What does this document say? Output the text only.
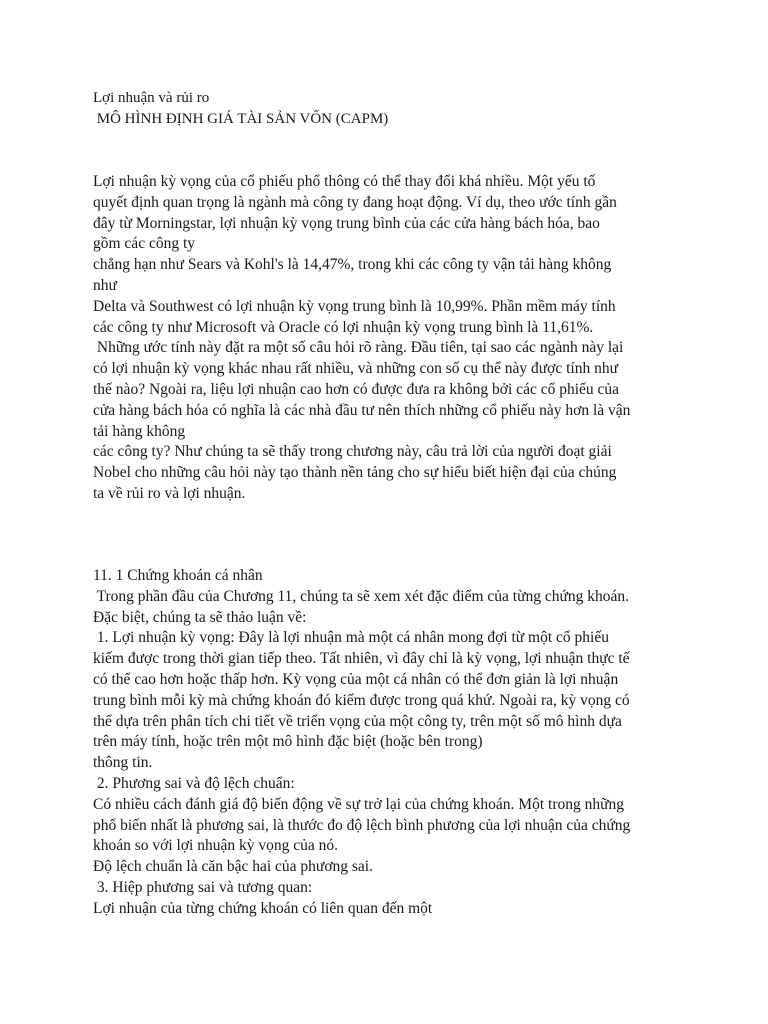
Lợi nhuận và rủi ro
MÔ HÌNH ĐỊNH GIÁ TÀI SẢN VỐN (CAPM)
Lợi nhuận kỳ vọng của cổ phiếu phổ thông có thể thay đổi khá nhiều. Một yếu tố
quyết định quan trọng là ngành mà công ty đang hoạt động. Ví dụ, theo ước tính gần
đây từ Morningstar, lợi nhuận kỳ vọng trung bình của các cửa hàng bách hóa, bao
gồm các công ty
chẳng hạn như Sears và Kohl's là 14,47%, trong khi các công ty vận tải hàng không
như
Delta và Southwest có lợi nhuận kỳ vọng trung bình là 10,99%. Phần mềm máy tính
các công ty như Microsoft và Oracle có lợi nhuận kỳ vọng trung bình là 11,61%.
Những ước tính này đặt ra một số câu hỏi rõ ràng. Đầu tiên, tại sao các ngành này lại
có lợi nhuận kỳ vọng khác nhau rất nhiều, và những con số cụ thể này được tính như
thế nào? Ngoài ra, liệu lợi nhuận cao hơn có được đưa ra không bởi các cổ phiếu của
cửa hàng bách hóa có nghĩa là các nhà đầu tư nên thích những cổ phiếu này hơn là vận
tải hàng không
các công ty? Như chúng ta sẽ thấy trong chương này, câu trả lời của người đoạt giải
Nobel cho những câu hỏi này tạo thành nền tảng cho sự hiểu biết hiện đại của chúng
ta về rủi ro và lợi nhuận.
11. 1 Chứng khoán cá nhân
Trong phần đầu của Chương 11, chúng ta sẽ xem xét đặc điểm của từng chứng khoán.
Đặc biệt, chúng ta sẽ thảo luận về:
1. Lợi nhuận kỳ vọng: Đây là lợi nhuận mà một cá nhân mong đợi từ một cổ phiếu
kiếm được trong thời gian tiếp theo. Tất nhiên, vì đây chỉ là kỳ vọng, lợi nhuận thực tế
có thể cao hơn hoặc thấp hơn. Kỳ vọng của một cá nhân có thể đơn giản là lợi nhuận
trung bình mỗi kỳ mà chứng khoán đó kiếm được trong quá khứ. Ngoài ra, kỳ vọng có
thể dựa trên phân tích chi tiết về triển vọng của một công ty, trên một số mô hình dựa
trên máy tính, hoặc trên một mô hình đặc biệt (hoặc bên trong)
thông tin.
2. Phương sai và độ lệch chuẩn:
Có nhiều cách đánh giá độ biến động về sự trở lại của chứng khoán. Một trong những
phổ biến nhất là phương sai, là thước đo độ lệch bình phương của lợi nhuận của chứng
khoán so với lợi nhuận kỳ vọng của nó.
Độ lệch chuẩn là căn bậc hai của phương sai.
3. Hiệp phương sai và tương quan:
Lợi nhuận của từng chứng khoán có liên quan đến một
